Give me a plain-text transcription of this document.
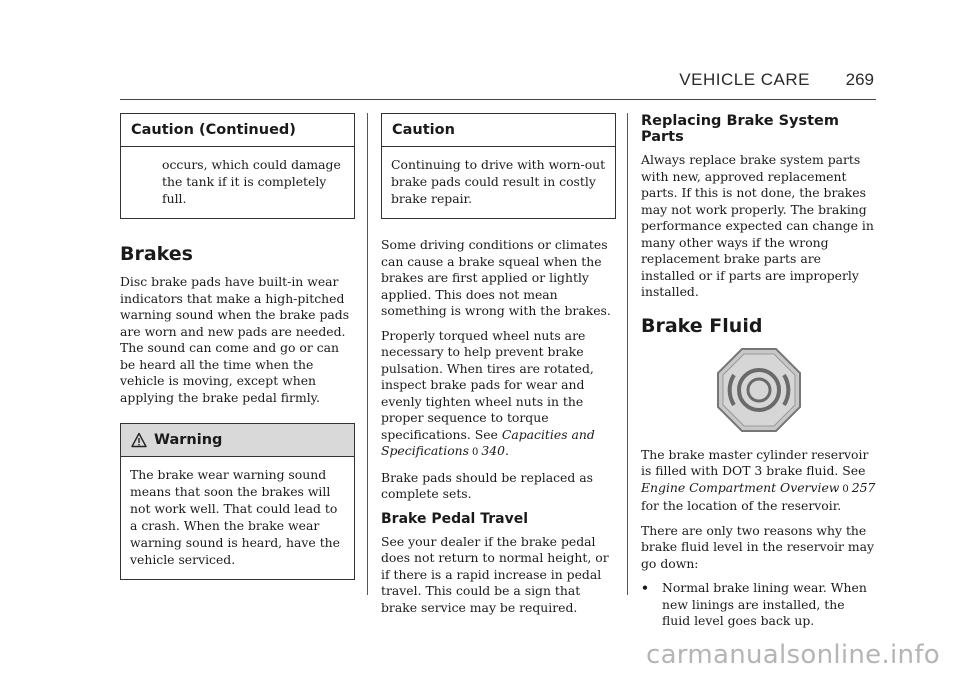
VEHICLE CARE 269
Caution (Continued)
occurs, which could damage the tank if it is completely full.
Brakes

Disc brake pads have built-in wear indicators that make a high-pitched warning sound when the brake pads are worn and new pads are needed. The sound can come and go or can be heard all the time when the vehicle is moving, except when applying the brake pedal firmly.

Warning
The brake wear warning sound means that soon the brakes will not work well. That could lead to a crash. When the brake wear warning sound is heard, have the vehicle serviced.
Caution
Continuing to drive with worn-out brake pads could result in costly brake repair.

Some driving conditions or climates can cause a brake squeal when the brakes are first applied or lightly applied. This does not mean something is wrong with the brakes.

Properly torqued wheel nuts are necessary to help prevent brake pulsation. When tires are rotated, inspect brake pads for wear and evenly tighten wheel nuts in the proper sequence to torque specifications. See Capacities and Specifications 0 340.

Brake pads should be replaced as complete sets.

Brake Pedal Travel

See your dealer if the brake pedal does not return to normal height, or if there is a rapid increase in pedal travel. This could be a sign that brake service may be required.

Replacing Brake System Parts

Always replace brake system parts with new, approved replacement parts. If this is not done, the brakes may not work properly. The braking performance expected can change in many other ways if the wrong replacement brake parts are installed or if parts are improperly installed.

Brake Fluid

The brake master cylinder reservoir is filled with DOT 3 brake fluid. See
Engine Compartment Overview 0 257
for the location of the reservoir.

There are only two reasons why the brake fluid level in the reservoir may go down:

•	Normal brake lining wear. When new linings are installed, the fluid level goes back up.
carmanualsonline.info
